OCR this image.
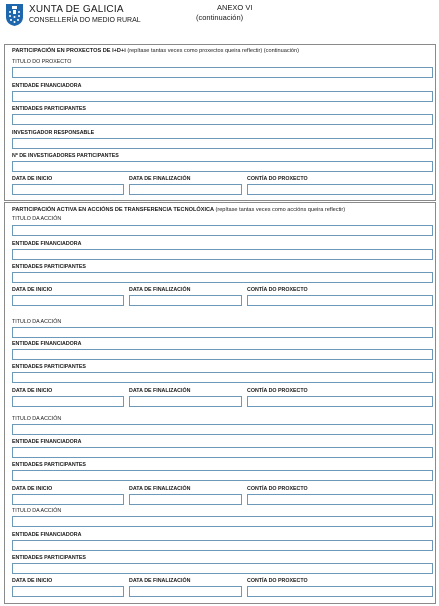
XUNTA DE GALICIA
CONSELLERÍA DO MEDIO RURAL
ANEXO VI
(continuación)
PARTICIPACIÓN EN PROXECTOS DE I+D+i (repítase tantas veces como proxectos queira reflectir) (continuación)
TITULO DO PROXECTO
ENTIDADE FINANCIADORA
ENTIDADES PARTICIPANTES
INVESTIGADOR RESPONSABLE
Nº DE INVESTIGADORES PARTICIPANTES
DATA DE INICIO	DATA DE FINALIZACIÓN	CONTÍA DO PROXECTO
PARTICIPACIÓN ACTIVA EN ACCIÓNS DE TRANSFERENCIA TECNOLÓXICA (repítase tantas veces como accións queira reflectir)
TITULO DA ACCIÓN
ENTIDADE FINANCIADORA
ENTIDADES PARTICIPANTES
DATA DE INICIO	DATA DE FINALIZACIÓN	CONTÍA DO PROXECTO
TITULO DA ACCIÓN
ENTIDADE FINANCIADORA
ENTIDADES PARTICIPANTES
DATA DE INICIO	DATA DE FINALIZACIÓN	CONTÍA DO PROXECTO
TITULO DA ACCIÓN
ENTIDADE FINANCIADORA
ENTIDADES PARTICIPANTES
DATA DE INICIO	DATA DE FINALIZACIÓN	CONTÍA DO PROXECTO
TITULO DA ACCIÓN
ENTIDADE FINANCIADORA
ENTIDADES PARTICIPANTES
DATA DE INICIO	DATA DE FINALIZACIÓN	CONTÍA DO PROXECTO
